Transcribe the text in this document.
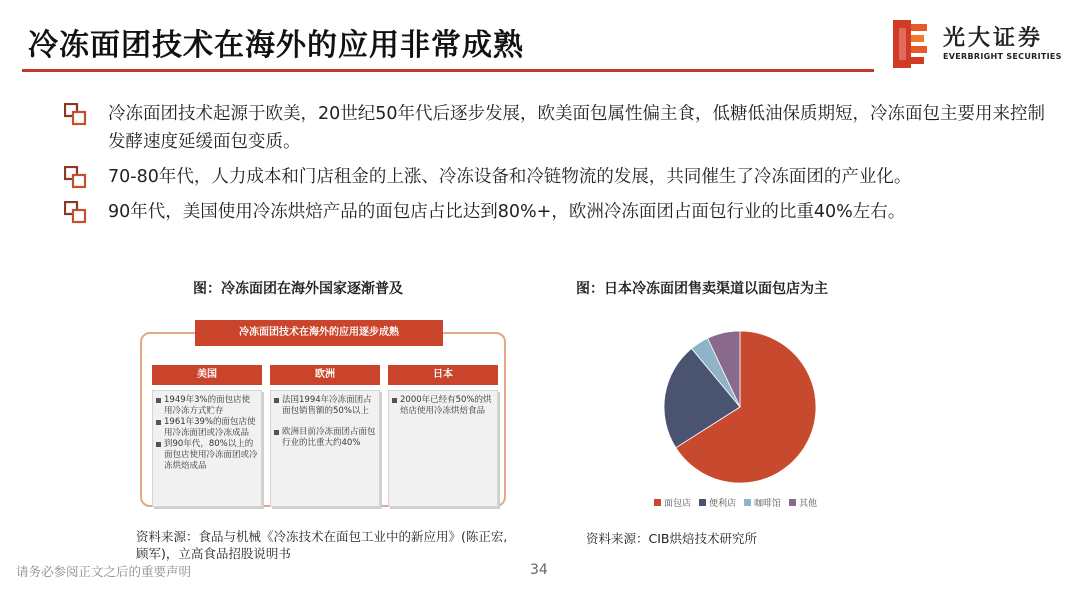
冷冻面团技术在海外的应用非常成熟	光大证券
EVERBRIGHT SECURITIES
冷冻面团技术起源于欧美，20世纪50年代后逐步发展，欧美面包属性偏主食，低糖低油保质期短，冷冻面包主要用来控制发酵速度延缓面包变质。
70-80年代，人力成本和门店租金的上涨、冷冻设备和冷链物流的发展，共同催生了冷冻面团的产业化。
90年代，美国使用冷冻烘焙产品的面包店占比达到80%+，欧洲冷冻面团占面包行业的比重40%左右。
图：冷冻面团在海外国家逐渐普及
冷冻面团技术在海外的应用逐步成熟
美国
1949年3%的面包店使用冷冻方式贮存
1961年39%的面包店使用冷冻面团或冷冻成品
到90年代，80%以上的面包店使用冷冻面团或冷冻烘焙成品
欧洲
法国1994年冷冻面团占面包销售额的50%以上
欧洲目前冷冻面团占面包行业的比重大约40%
日本
2000年已经有50%的烘焙店使用冷冻烘焙食品
资料来源：食品与机械《冷冻技术在面包工业中的新应用》(陈正宏,顾军)，立高食品招股说明书
图：日本冷冻面团售卖渠道以面包店为主
面包店 便利店 咖啡馆 其他
资料来源：CIB烘焙技术研究所
请务必参阅正文之后的重要声明	34
